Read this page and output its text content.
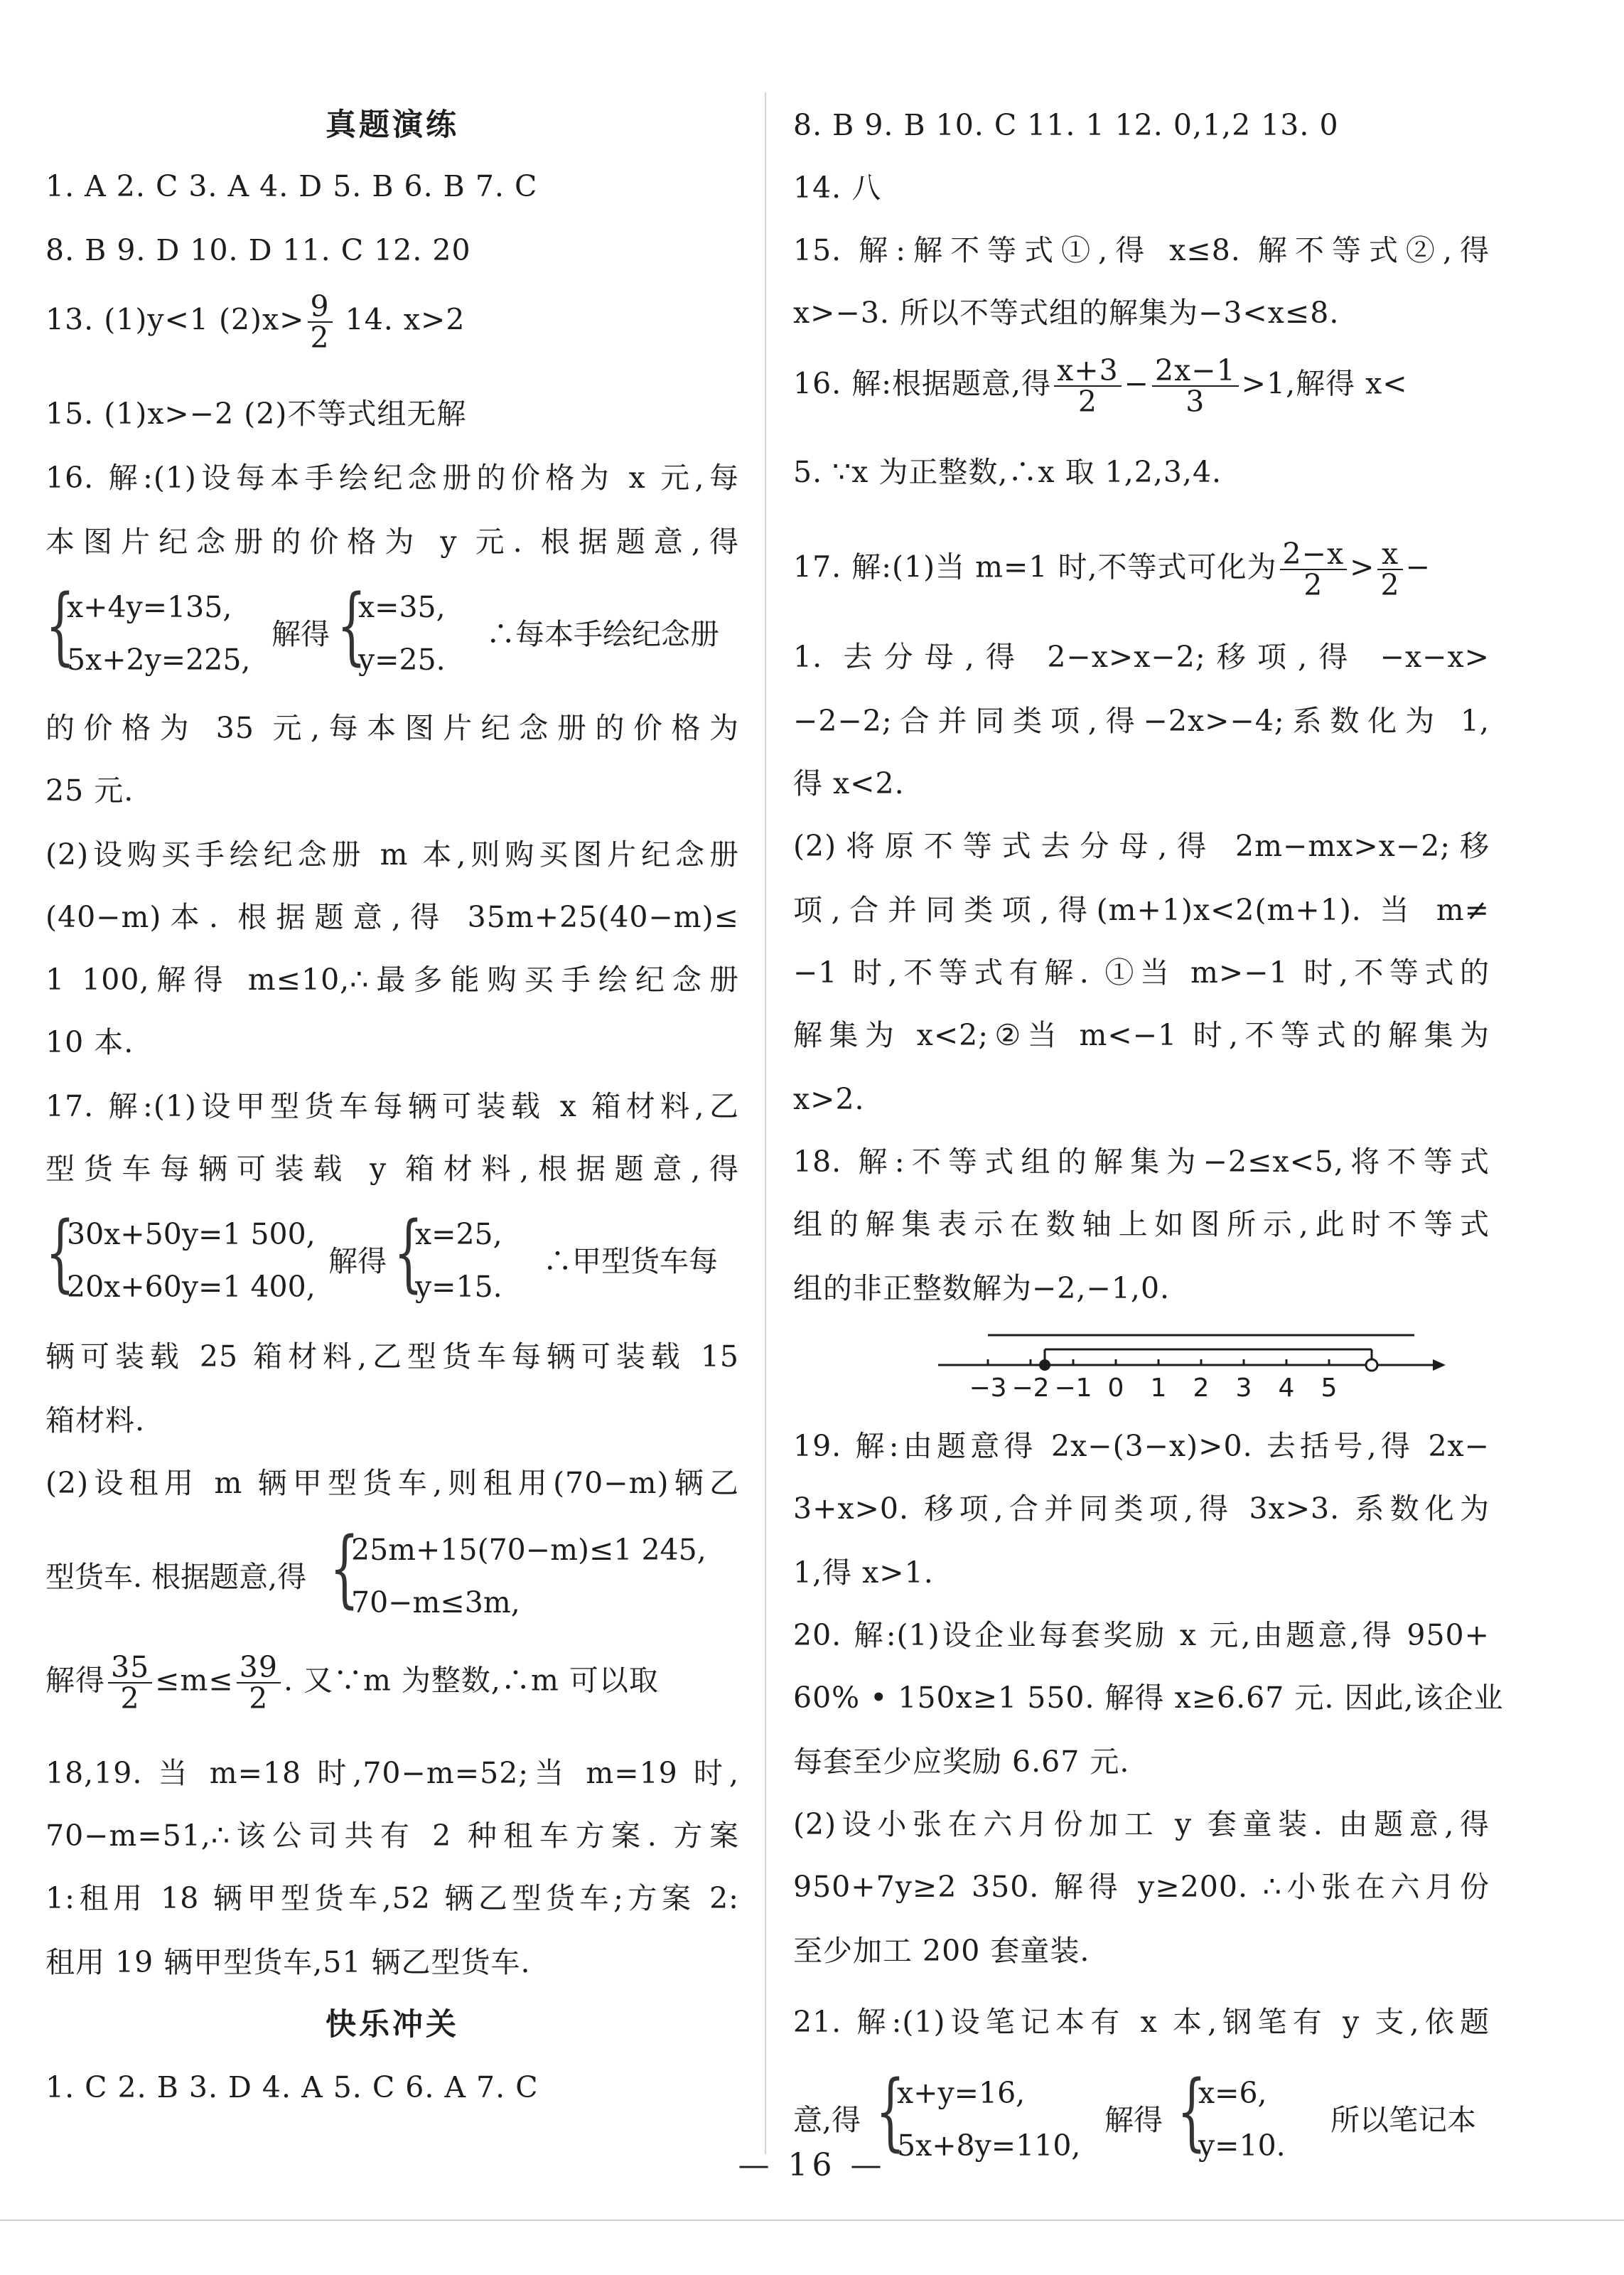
真题演练
1. A 2. C 3. A 4. D 5. B 6. B 7. C
8. B 9. D 10. D 11. C 12. 20
13. (1)y<1 $(2)x> \frac{9}{2} 14$. x>2
15. (1)x>−2 (2)不等式组无解
16. 解:(1)设每本手绘纪念册的价格为 x 元,每
本图片纪念册的价格为 y 元. 根据题意,得
{
x+4y=135,
5x+2y=225,
解得 {
x=35,
y=25.
∴每本手绘纪念册
的价格为 35 元,每本图片纪念册的价格为
25 元.
(2)设购买手绘纪念册 m 本,则购买图片纪念册
(40−m)本. 根据题意,得 35m+25(40−m)≤
1 100,解得 m≤10,∴最多能购买手绘纪念册
10 本.
17. 解:(1)设甲型货车每辆可装载 x 箱材料,乙
型货车每辆可装载 y 箱材料,根据题意,得
{
30x+50y=1 500,
20x+60y=1 400,
解得 {
x=25,
y=15.
∴甲型货车每
辆可装载 25 箱材料,乙型货车每辆可装载 15
箱材料.
(2)设租用 m 辆甲型货车,则租用(70−m)辆乙
型货车. 根据题意,得 {
25m+15(70−m)≤1 245,
70−m≤3m,
解得 $\frac{35}{2} \le m\le \frac{39}{2}$ . 又∵m 为整数,∴m 可以取
18,19. 当 m=18 时,70−m=52;当 m=19 时,
70−m=51,∴该公司共有 2 种租车方案. 方案
1:租用 18 辆甲型货车,52 辆乙型货车;方案 2:
租用 19 辆甲型货车,51 辆乙型货车.
快乐冲关
1. C 2. B 3. D 4. A 5. C 6. A 7. C
8. B 9. B 10. C 11. 1 12. 0,1,2 13. 0
14. 八
15. 解:解不等式①,得 x≤8. 解不等式②,得
x>−3. 所以不等式组的解集为−3<x≤8.
16. 解:根据题意,得 $\frac{x+3}{2} - \frac{2x-1}{3} >1$,解得 x<
5. ∵x 为正整数,∴x 取 1,2,3,4.
17. 解:(1)当 m=1 时,不等式可化为 $\frac{2-x}{2} > \frac{x}{2}$ −
1. 去分母,得 2−x>x−2;移项,得 −x−x>
−2−2;合并同类项,得−2x>−4;系数化为 1,
得 x<2.
(2)将原不等式去分母,得 2m−mx>x−2;移
项,合并同类项,得(m+1)x<2(m+1). 当 m≠
−1 时,不等式有解. ①当 m>−1 时,不等式的
解集为 x<2;②当 m<−1 时,不等式的解集为
x>2.
18. 解:不等式组的解集为−2≤x<5,将不等式
组的解集表示在数轴上如图所示,此时不等式
组的非正整数解为−2,−1,0.
−3 −2 −1 0 1 2 3 4 5
19. 解:由题意得 2x−(3−x)>0. 去括号,得 2x−
3+x>0. 移项,合并同类项,得 3x>3. 系数化为
1,得 x>1.
20. 解:(1)设企业每套奖励 x 元,由题意,得 950+
60% • 150x≥1 550. 解得 x≥6.67 元. 因此,该企业
每套至少应奖励 6.67 元.
(2)设小张在六月份加工 y 套童装. 由题意,得
950+7y≥2 350. 解得 y≥200. ∴小张在六月份
至少加工 200 套童装.
21. 解:(1)设笔记本有 x 本,钢笔有 y 支,依题
意,得 {
x+y=16,
5x+8y=110,
解得 {
x=6,
y=10.
所以笔记本
— 16 —
